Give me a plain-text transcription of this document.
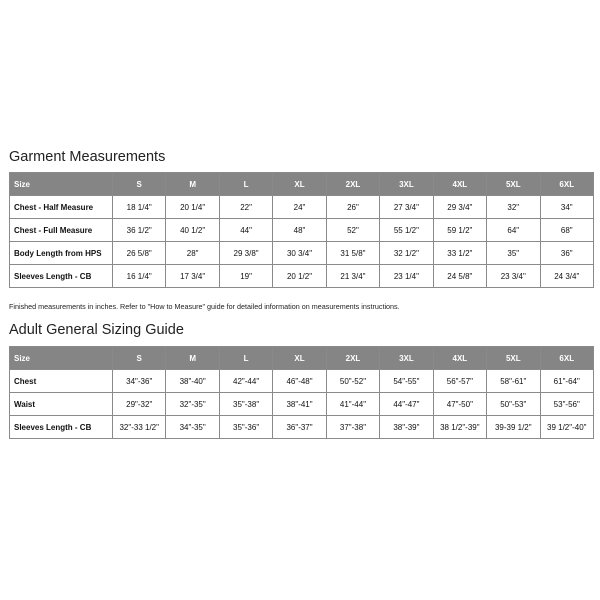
Garment Measurements
Size	S	M	L	XL	2XL	3XL	4XL	5XL	6XL
Chest - Half Measure	18 1/4"	20 1/4"	22"	24"	26"	27 3/4"	29 3/4"	32"	34"
Chest - Full Measure	36 1/2"	40 1/2"	44"	48"	52"	55 1/2"	59 1/2"	64"	68"
Body Length from HPS	26 5/8"	28"	29 3/8"	30 3/4"	31 5/8"	32 1/2"	33 1/2"	35"	36"
Sleeves Length - CB	16 1/4"	17 3/4"	19"	20 1/2"	21 3/4"	23 1/4"	24 5/8"	23 3/4"	24 3/4"

Finished measurements in inches. Refer to "How to Measure" guide for detailed information on measurements instructions.

Adult General Sizing Guide
Size	S	M	L	XL	2XL	3XL	4XL	5XL	6XL
Chest	34"-36"	38"-40"	42"-44"	46"-48"	50"-52"	54"-55"	56"-57"	58"-61"	61"-64"
Waist	29"-32"	32"-35"	35"-38"	38"-41"	41"-44"	44"-47"	47"-50"	50"-53"	53"-56"
Sleeves Length - CB	32"-33 1/2"	34"-35"	35"-36"	36"-37"	37"-38"	38"-39"	38 1/2"-39"	39-39 1/2"	39 1/2"-40"
